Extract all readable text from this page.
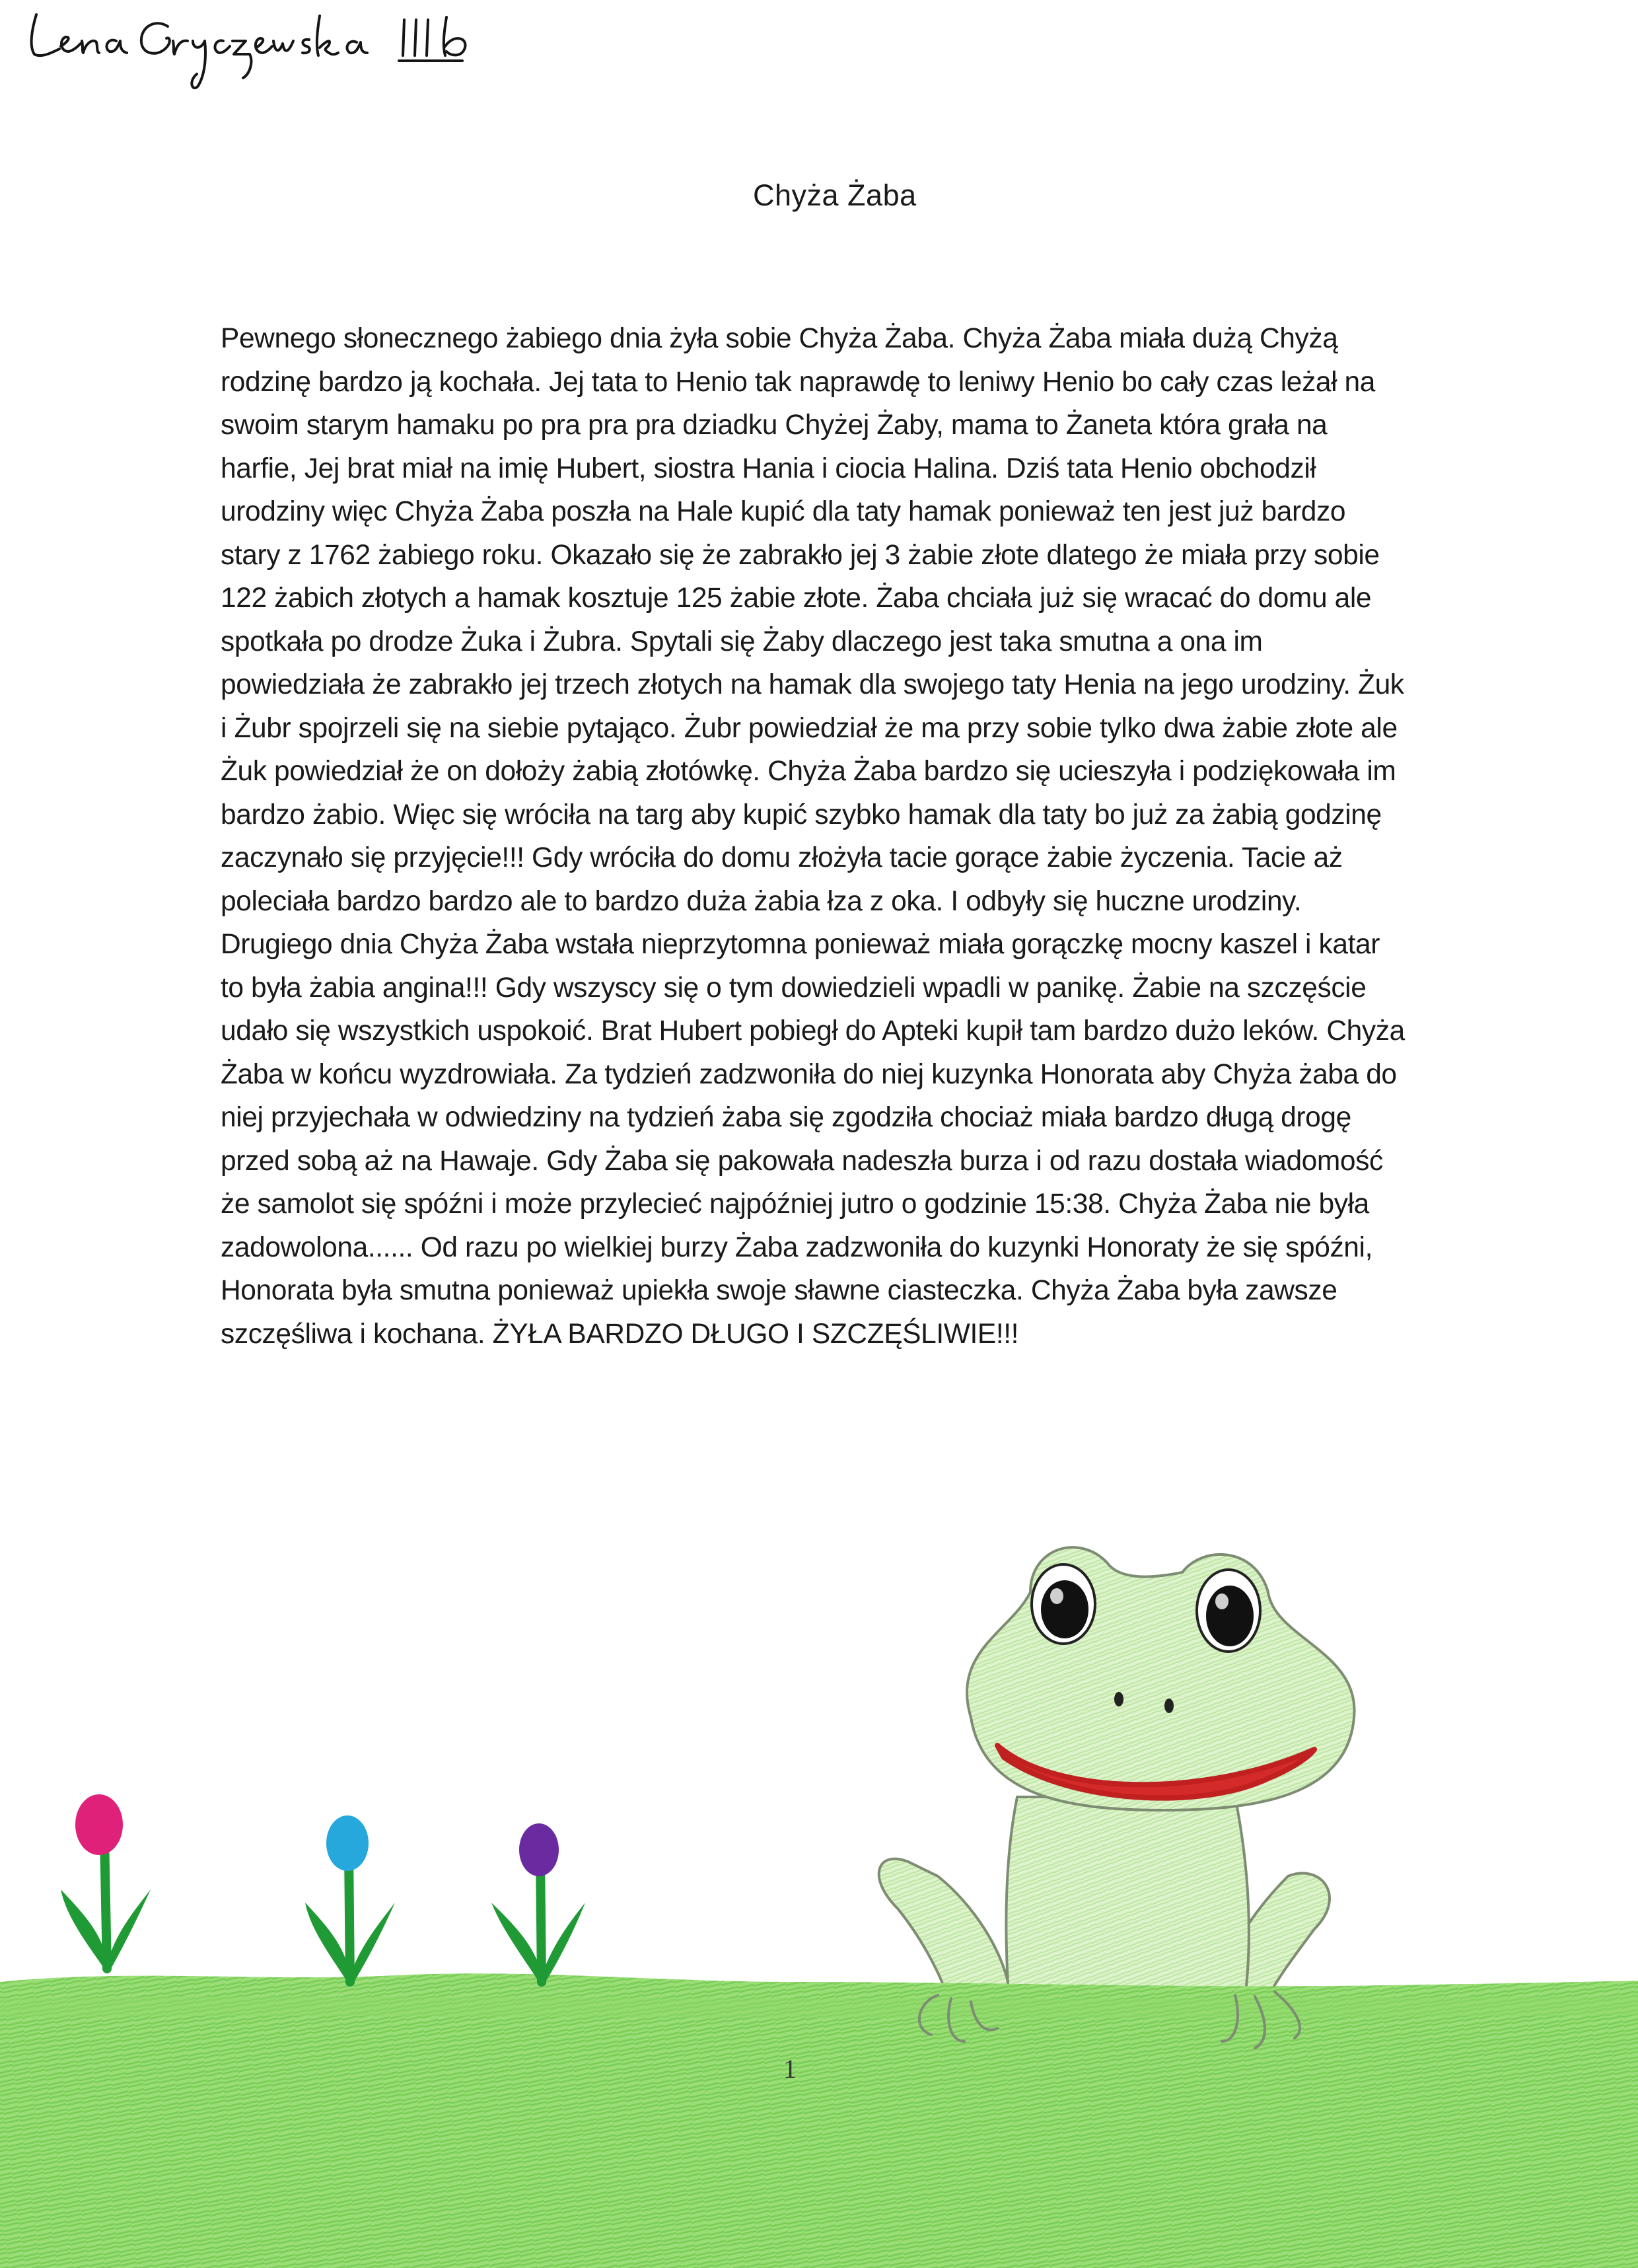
Chyża Żaba

Pewnego słonecznego żabiego dnia żyła sobie Chyża Żaba. Chyża Żaba miała dużą Chyżą rodzinę bardzo ją kochała. Jej tata to Henio tak naprawdę to leniwy Henio bo cały czas leżał na swoim starym hamaku po pra pra pra dziadku Chyżej Żaby, mama to Żaneta która grała na harfie, Jej brat miał na imię Hubert, siostra Hania i ciocia Halina. Dziś tata Henio obchodził urodziny więc Chyża Żaba poszła na Hale kupić dla taty hamak ponieważ ten jest już bardzo stary z 1762 żabiego roku. Okazało się że zabrakło jej 3 żabie złote dlatego że miała przy sobie 122 żabich złotych a hamak kosztuje 125 żabie złote. Żaba chciała już się wracać do domu ale spotkała po drodze Żuka i Żubra. Spytali się Żaby dlaczego jest taka smutna a ona im powiedziała że zabrakło jej trzech złotych na hamak dla swojego taty Henia na jego urodziny. Żuk i Żubr spojrzeli się na siebie pytająco. Żubr powiedział że ma przy sobie tylko dwa żabie złote ale Żuk powiedział że on dołoży żabią złotówkę. Chyża Żaba bardzo się ucieszyła i podziękowała im bardzo żabio. Więc się wróciła na targ aby kupić szybko hamak dla taty bo już za żabią godzinę zaczynało się przyjęcie!!! Gdy wróciła do domu złożyła tacie gorące żabie życzenia. Tacie aż poleciała bardzo bardzo ale to bardzo duża żabia łza z oka. I odbyły się huczne urodziny. Drugiego dnia Chyża Żaba wstała nieprzytomna ponieważ miała gorączkę mocny kaszel i katar to była żabia angina!!! Gdy wszyscy się o tym dowiedzieli wpadli w panikę. Żabie na szczęście udało się wszystkich uspokoić. Brat Hubert pobiegł do Apteki kupił tam bardzo dużo leków. Chyża Żaba w końcu wyzdrowiała. Za tydzień zadzwoniła do niej kuzynka Honorata aby Chyża żaba do niej przyjechała w odwiedziny na tydzień żaba się zgodziła chociaż miała bardzo długą drogę przed sobą aż na Hawaje. Gdy Żaba się pakowała nadeszła burza i od razu dostała wiadomość że samolot się spóźni i może przylecieć najpóźniej jutro o godzinie 15:38. Chyża Żaba nie była zadowolona...... Od razu po wielkiej burzy Żaba zadzwoniła do kuzynki Honoraty że się spóźni, Honorata była smutna ponieważ upiekła swoje sławne ciasteczka. Chyża Żaba była zawsze szczęśliwa i kochana. ŻYŁA BARDZO DŁUGO I SZCZĘŚLIWIE!!!

1
